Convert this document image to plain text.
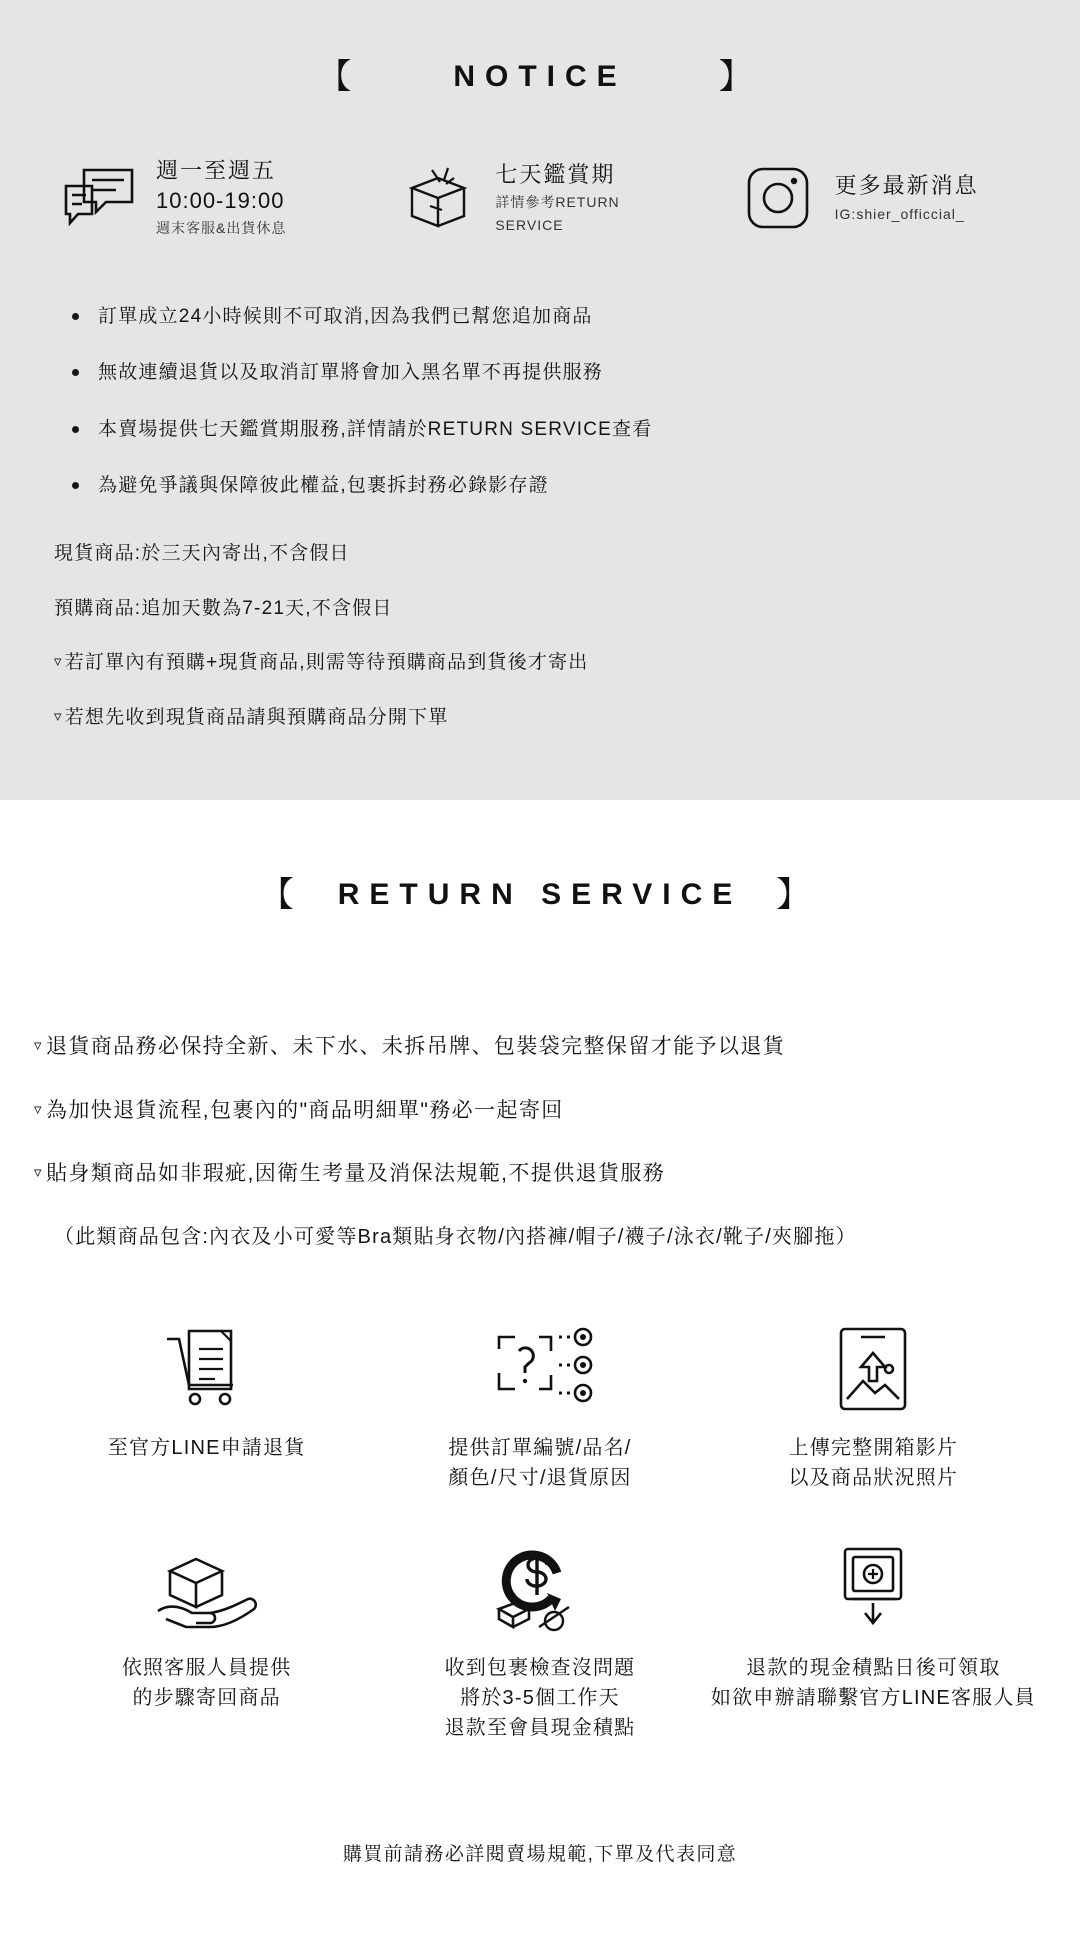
【	NOTICE	】
週一至週五
10:00-19:00
週末客服&出貨休息
七天鑑賞期
詳情參考RETURN SERVICE
更多最新消息
IG:shier_officcial_
訂單成立24小時候則不可取消,因為我們已幫您追加商品
無故連續退貨以及取消訂單將會加入黑名單不再提供服務
本賣場提供七天鑑賞期服務,詳情請於RETURN SERVICE查看
為避免爭議與保障彼此權益,包裹拆封務必錄影存證
現貨商品:於三天內寄出,不含假日
預購商品:追加天數為7-21天,不含假日
▿ 若訂單內有預購+現貨商品,則需等待預購商品到貨後才寄出
▿ 若想先收到現貨商品請與預購商品分開下單
【	RETURN SERVICE	】
▿ 退貨商品務必保持全新、未下水、未拆吊牌、包裝袋完整保留才能予以退貨
▿ 為加快退貨流程,包裹內的"商品明細單"務必一起寄回
▿ 貼身類商品如非瑕疵,因衛生考量及消保法規範,不提供退貨服務
（此類商品包含:內衣及小可愛等Bra類貼身衣物/內搭褲/帽子/襪子/泳衣/靴子/夾腳拖）
至官方LINE申請退貨	提供訂單編號/品名/
顏色/尺寸/退貨原因
上傳完整開箱影片
以及商品狀況照片
依照客服人員提供
的步驟寄回商品
收到包裹檢查沒問題
將於3-5個工作天
退款至會員現金積點
退款的現金積點日後可領取
如欲申辦請聯繫官方LINE客服人員
購買前請務必詳閱賣場規範,下單及代表同意
